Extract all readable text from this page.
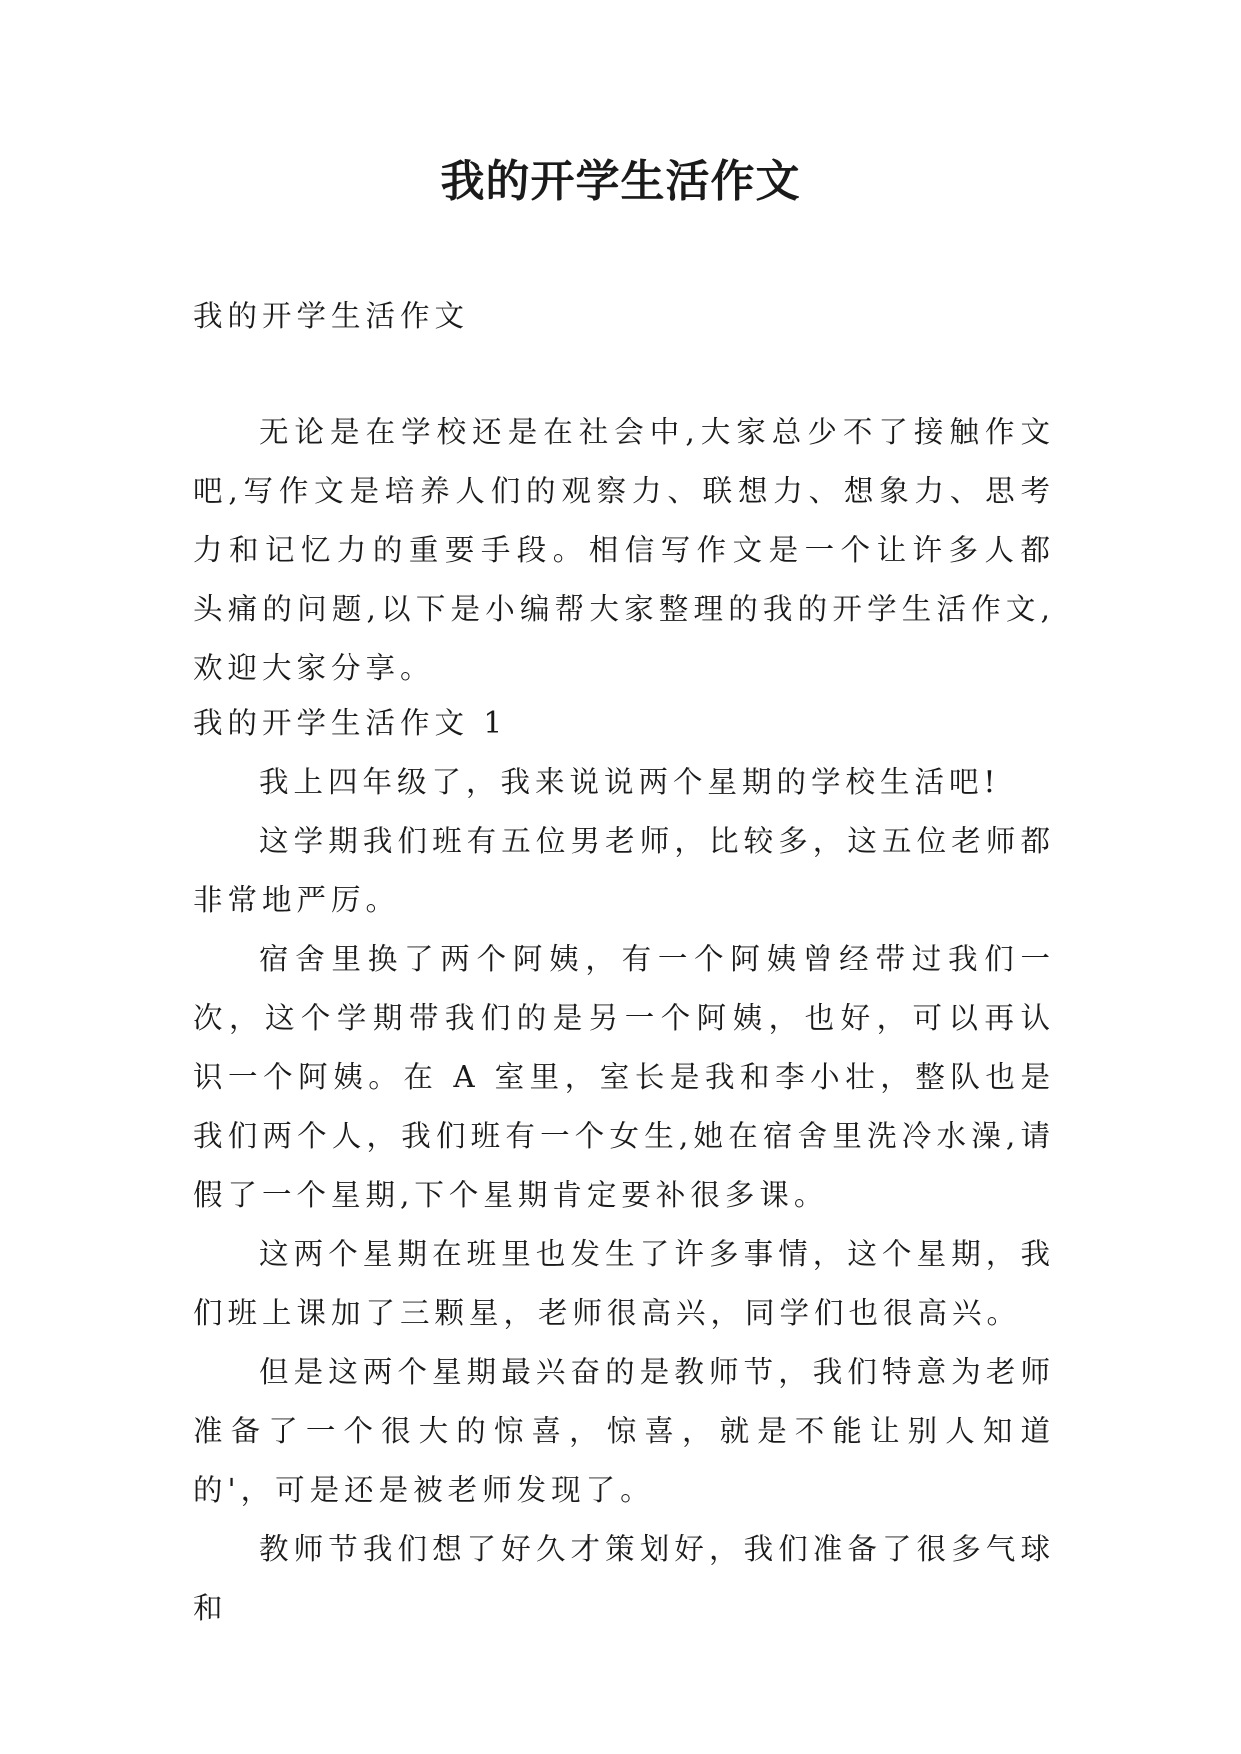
我的开学生活作文

我的开学生活作文

无论是在学校还是在社会中,大家总少不了接触作文吧,写作文是培养人们的观察力、联想力、想象力、思考力和记忆力的重要手段。相信写作文是一个让许多人都头痛的问题,以下是小编帮大家整理的我的开学生活作文,欢迎大家分享。

我的开学生活作文 1

我上四年级了，我来说说两个星期的学校生活吧!

这学期我们班有五位男老师，比较多，这五位老师都非常地严厉。

宿舍里换了两个阿姨，有一个阿姨曾经带过我们一次，这个学期带我们的是另一个阿姨，也好，可以再认识一个阿姨。在 A 室里，室长是我和李小壮，整队也是我们两个人，我们班有一个女生,她在宿舍里洗冷水澡,请假了一个星期,下个星期肯定要补很多课。

这两个星期在班里也发生了许多事情，这个星期，我们班上课加了三颗星，老师很高兴，同学们也很高兴。

但是这两个星期最兴奋的是教师节，我们特意为老师准备了一个很大的惊喜，惊喜，就是不能让别人知道的'，可是还是被老师发现了。

教师节我们想了好久才策划好，我们准备了很多气球和
